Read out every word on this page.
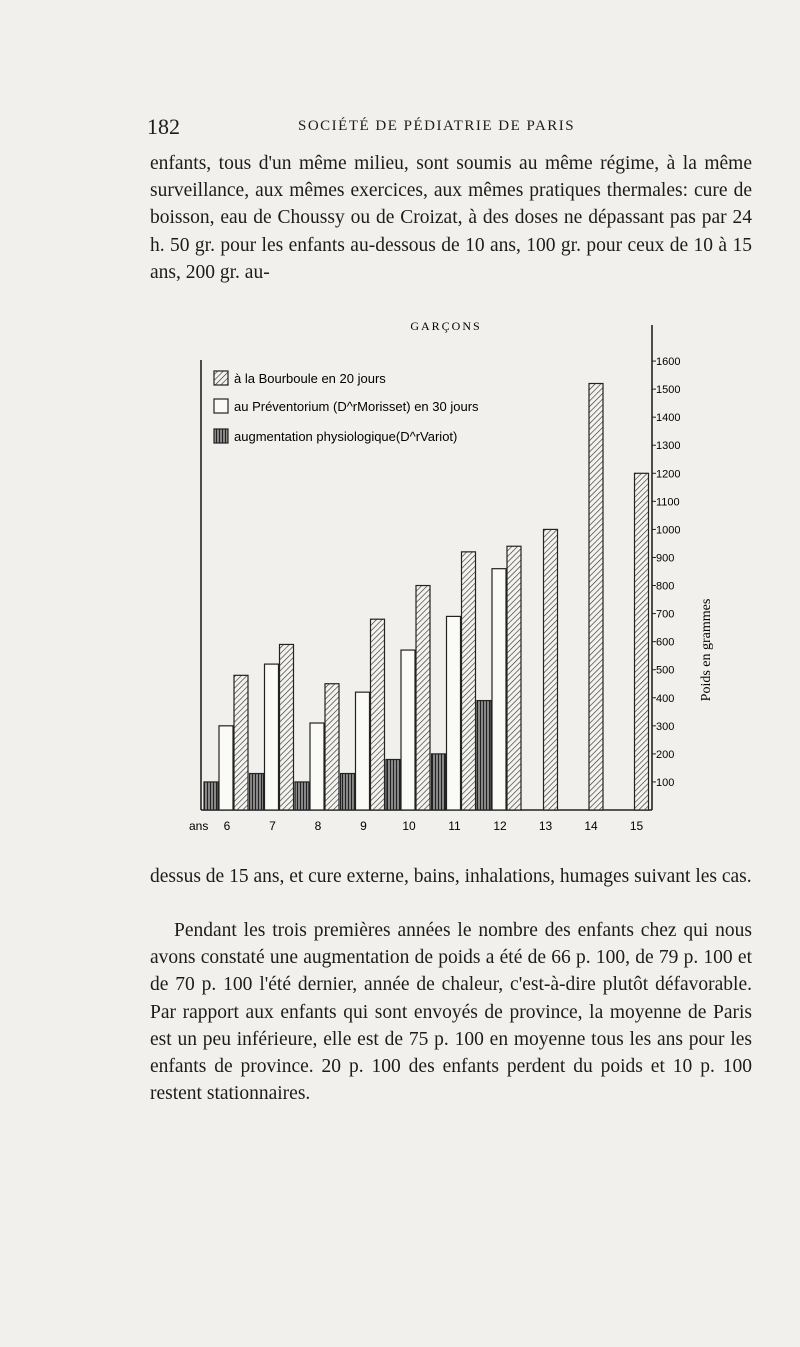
182	SOCIÉTÉ DE PÉDIATRIE DE PARIS

enfants, tous d'un même milieu, sont soumis au même régime, à la même surveillance, aux mêmes exercices, aux mêmes pratiques thermales: cure de boisson, eau de Choussy ou de Croizat, à des doses ne dépassant pas par 24 h. 50 gr. pour les enfants au-dessous de 10 ans, 100 gr. pour ceux de 10 à 15 ans, 200 gr. au-

GARÇONS
à la Bourboule en 20 jours
au Préventorium (D^rMorisset) en 30 jours
augmentation physiologique(D^rVariot)
100
200
300
400
500
600
700
800
900
1000
1100
1200
1300
1400
1500
1600
Poids en grammes
ans 6	7	8	9	10	11	12	13	14	15

dessus de 15 ans, et cure externe, bains, inhalations, humages suivant les cas.

Pendant les trois premières années le nombre des enfants chez qui nous avons constaté une augmentation de poids a été de 66 p. 100, de 79 p. 100 et de 70 p. 100 l'été dernier, année de chaleur, c'est-à-dire plutôt défavorable. Par rapport aux enfants qui sont envoyés de province, la moyenne de Paris est un peu inférieure, elle est de 75 p. 100 en moyenne tous les ans pour les enfants de province. 20 p. 100 des enfants perdent du poids et 10 p. 100 restent stationnaires.
